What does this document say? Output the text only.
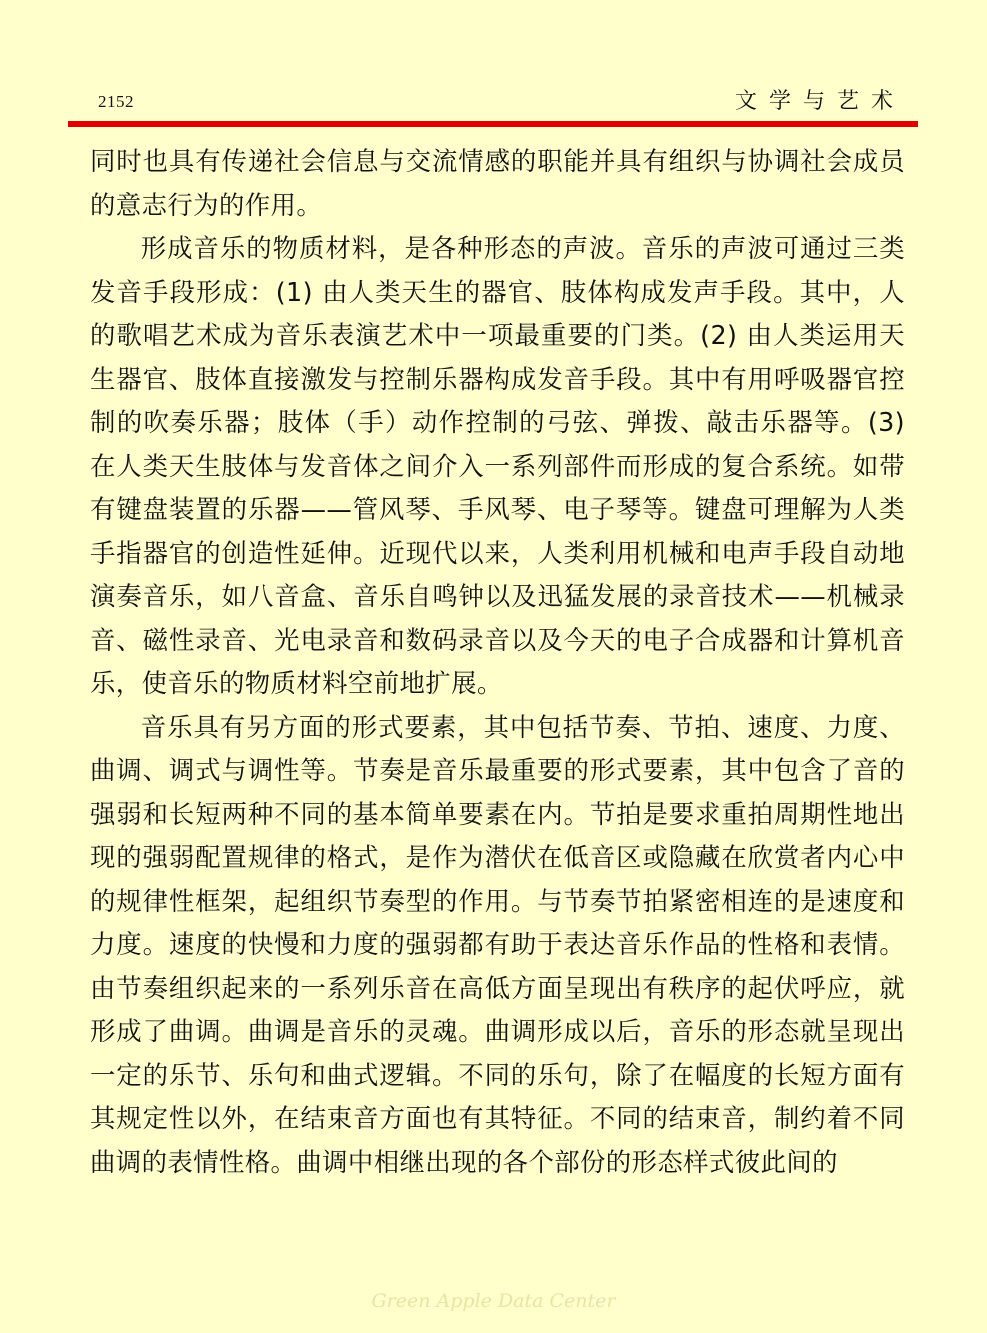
2152	文学与艺术

同时也具有传递社会信息与交流情感的职能并具有组织与协调社会成员的意志行为的作用。

形成音乐的物质材料，是各种形态的声波。音乐的声波可通过三类发音手段形成：(1) 由人类天生的器官、肢体构成发声手段。其中，人的歌唱艺术成为音乐表演艺术中一项最重要的门类。(2) 由人类运用天生器官、肢体直接激发与控制乐器构成发音手段。其中有用呼吸器官控制的吹奏乐器；肢体（手）动作控制的弓弦、弹拨、敲击乐器等。(3) 在人类天生肢体与发音体之间介入一系列部件而形成的复合系统。如带有键盘装置的乐器——管风琴、手风琴、电子琴等。键盘可理解为人类手指器官的创造性延伸。近现代以来，人类利用机械和电声手段自动地演奏音乐，如八音盒、音乐自鸣钟以及迅猛发展的录音技术——机械录音、磁性录音、光电录音和数码录音以及今天的电子合成器和计算机音乐，使音乐的物质材料空前地扩展。

音乐具有另方面的形式要素，其中包括节奏、节拍、速度、力度、曲调、调式与调性等。节奏是音乐最重要的形式要素，其中包含了音的强弱和长短两种不同的基本简单要素在内。节拍是要求重拍周期性地出现的强弱配置规律的格式，是作为潜伏在低音区或隐藏在欣赏者内心中的规律性框架，起组织节奏型的作用。与节奏节拍紧密相连的是速度和力度。速度的快慢和力度的强弱都有助于表达音乐作品的性格和表情。由节奏组织起来的一系列乐音在高低方面呈现出有秩序的起伏呼应，就形成了曲调。曲调是音乐的灵魂。曲调形成以后，音乐的形态就呈现出一定的乐节、乐句和曲式逻辑。不同的乐句，除了在幅度的长短方面有其规定性以外，在结束音方面也有其特征。不同的结束音，制约着不同曲调的表情性格。曲调中相继出现的各个部份的形态样式彼此间的

Green Apple Data Center
